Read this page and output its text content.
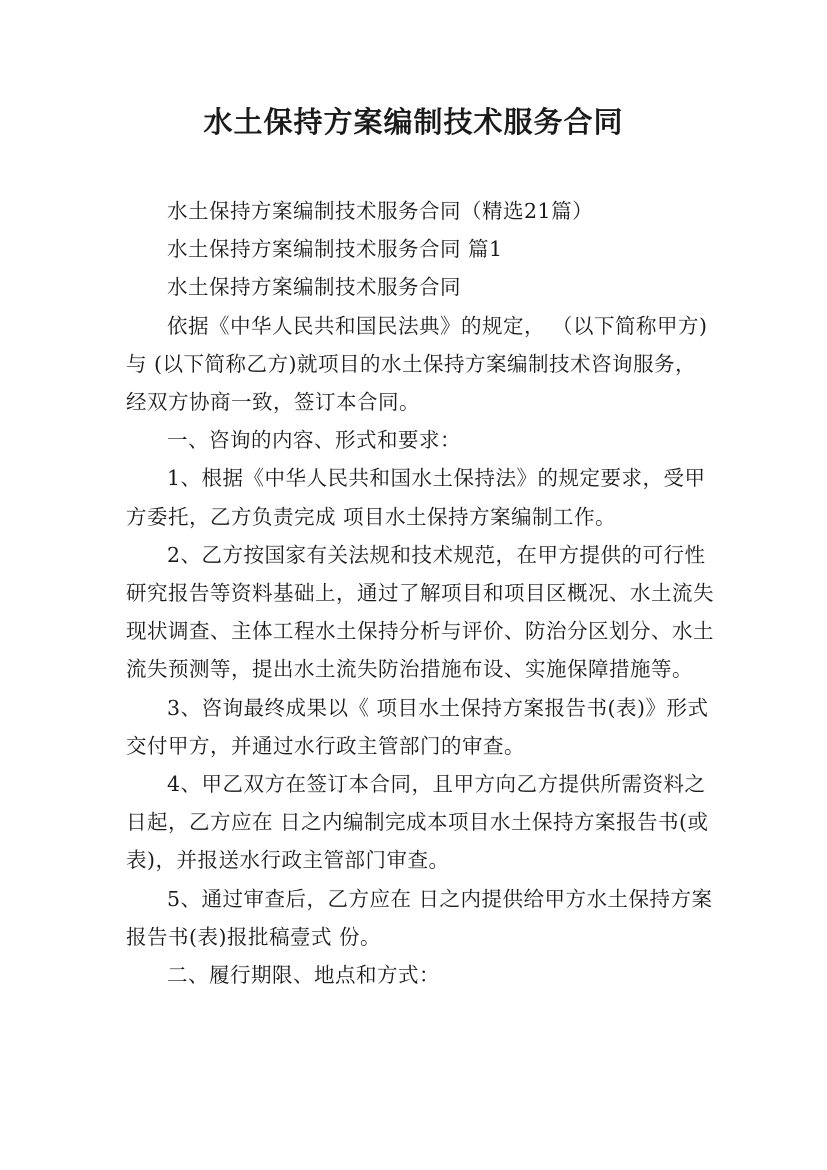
水土保持方案编制技术服务合同

水土保持方案编制技术服务合同（精选21篇）

水土保持方案编制技术服务合同 篇1

水土保持方案编制技术服务合同

依据《中华人民共和国民法典》的规定， （以下简称甲方)与 (以下简称乙方)就项目的水土保持方案编制技术咨询服务，经双方协商一致，签订本合同。

一、咨询的内容、形式和要求：

1、根据《中华人民共和国水土保持法》的规定要求，受甲方委托，乙方负责完成 项目水土保持方案编制工作。

2、乙方按国家有关法规和技术规范，在甲方提供的可行性研究报告等资料基础上，通过了解项目和项目区概况、水土流失现状调查、主体工程水土保持分析与评价、防治分区划分、水土流失预测等，提出水土流失防治措施布设、实施保障措施等。

3、咨询最终成果以《 项目水土保持方案报告书(表)》形式交付甲方，并通过水行政主管部门的审查。

4、甲乙双方在签订本合同，且甲方向乙方提供所需资料之日起，乙方应在 日之内编制完成本项目水土保持方案报告书(或表)，并报送水行政主管部门审查。

5、通过审查后，乙方应在 日之内提供给甲方水土保持方案报告书(表)报批稿壹式 份。

二、履行期限、地点和方式：
